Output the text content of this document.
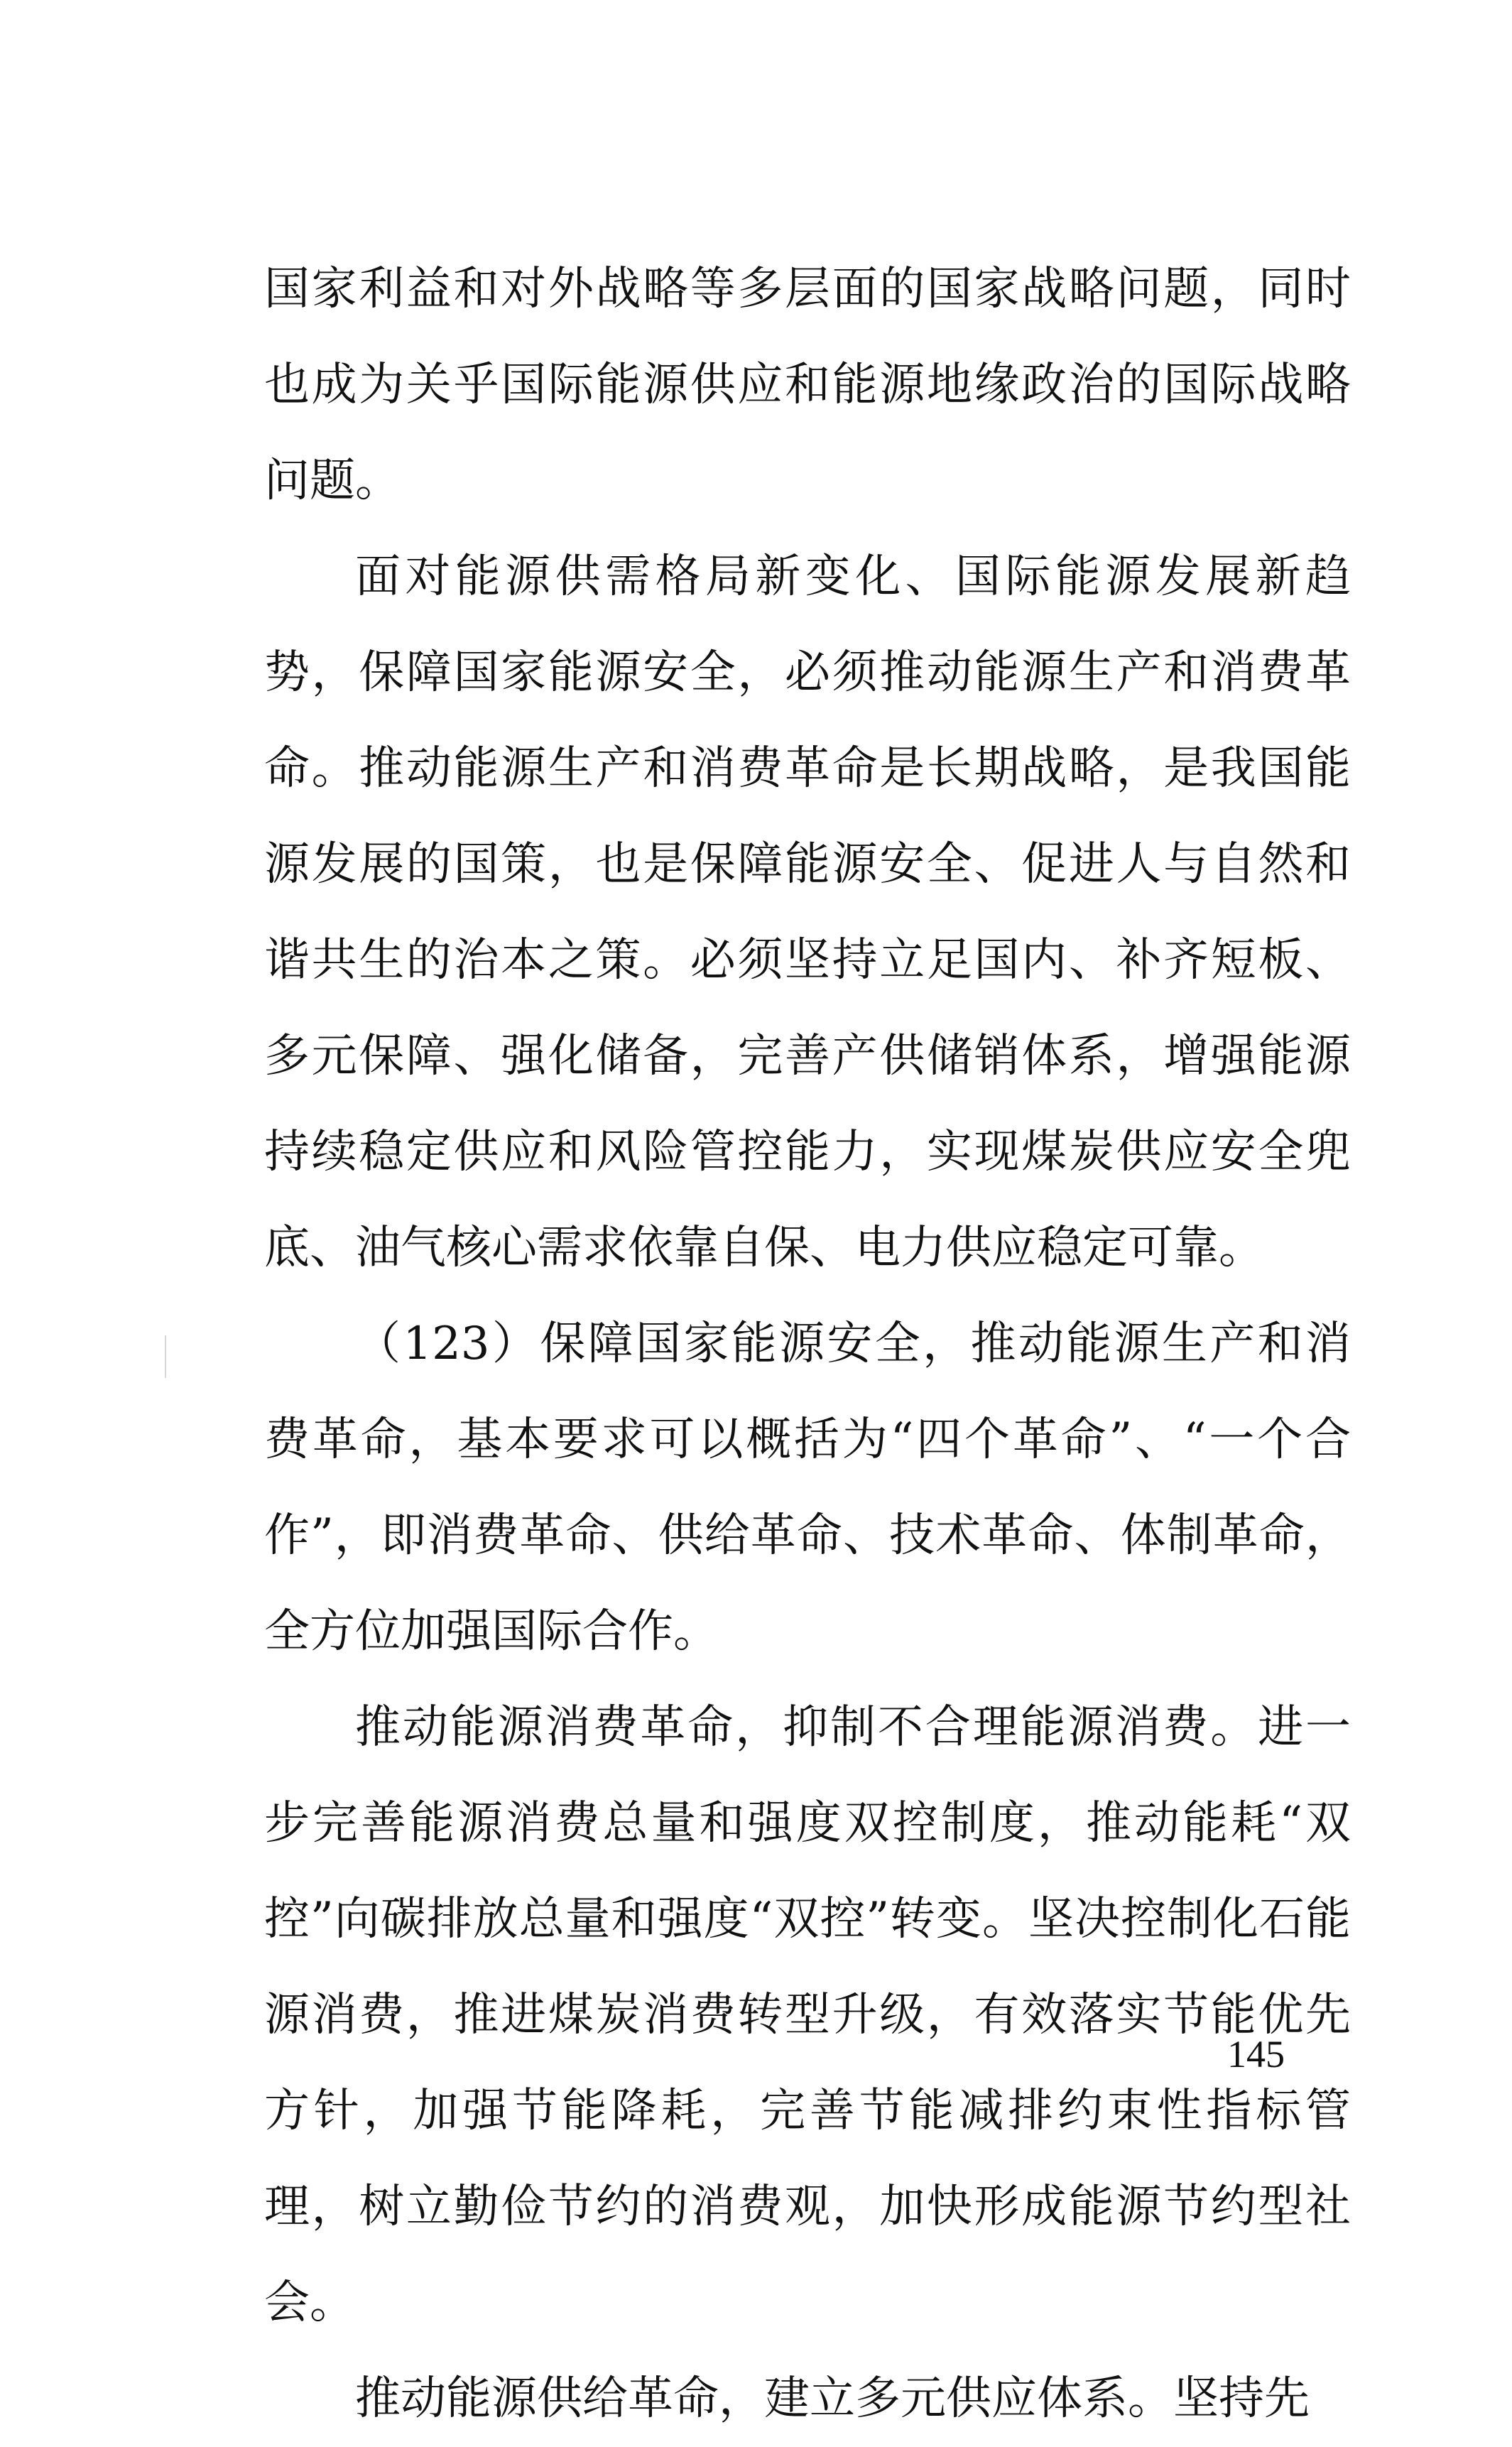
国家利益和对外战略等多层面的国家战略问题，同时也成为关乎国际能源供应和能源地缘政治的国际战略问题。

面对能源供需格局新变化、国际能源发展新趋势，保障国家能源安全，必须推动能源生产和消费革命。推动能源生产和消费革命是长期战略，是我国能源发展的国策，也是保障能源安全、促进人与自然和谐共生的治本之策。必须坚持立足国内、补齐短板、多元保障、强化储备，完善产供储销体系，增强能源持续稳定供应和风险管控能力，实现煤炭供应安全兜底、油气核心需求依靠自保、电力供应稳定可靠。

（123）保障国家能源安全，推动能源生产和消费革命，基本要求可以概括为“四个革命”、“一个合作”，即消费革命、供给革命、技术革命、体制革命，全方位加强国际合作。

推动能源消费革命，抑制不合理能源消费。进一步完善能源消费总量和强度双控制度，推动能耗“双控”向碳排放总量和强度“双控”转变。坚决控制化石能源消费，推进煤炭消费转型升级，有效落实节能优先方针，加强节能降耗，完善节能减排约束性指标管理，树立勤俭节约的消费观，加快形成能源节约型社会。

推动能源供给革命，建立多元供应体系。坚持先

145
